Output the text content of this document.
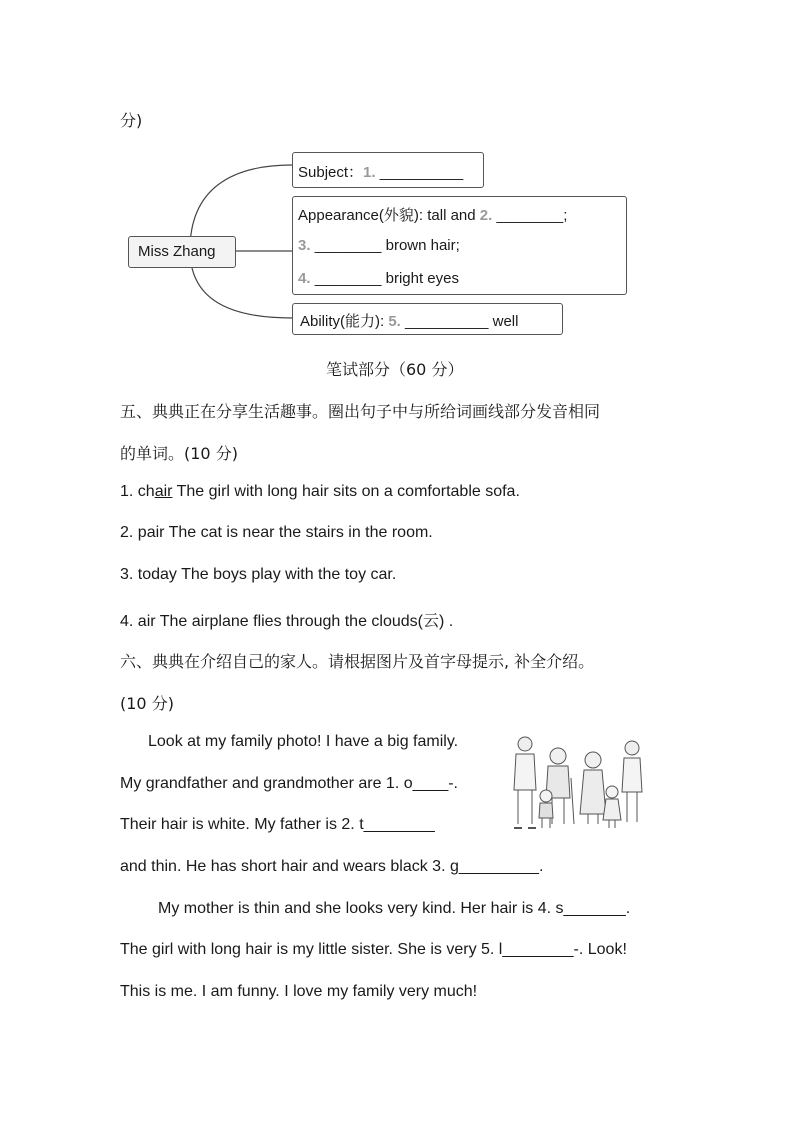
分)
Miss Zhang
Subject：1. __________
Appearance(外貌): tall and 2. ________;
3. ________ brown hair;
4. ________ bright eyes
Ability(能力): 5. __________ well
笔试部分（60 分）
五、典典正在分享生活趣事。圈出句子中与所给词画线部分发音相同
的单词。(10 分)
1. chair The girl with long hair sits on a comfortable sofa.
2. pair The cat is near the stairs in the room.
3. today The boys play with the toy car.
4. air The airplane flies through the clouds(云) .
六、典典在介绍自己的家人。请根据图片及首字母提示, 补全介绍。
(10 分)
Look at my family photo! I have a big family.
My grandfather and grandmother are 1. o____-.
Their hair is white. My father is 2. t________
and thin. He has short hair and wears black 3. g_________.
My mother is thin and she looks very kind. Her hair is 4. s_______.
The girl with long hair is my little sister. She is very 5. l________-. Look!
This is me. I am funny. I love my family very much!
